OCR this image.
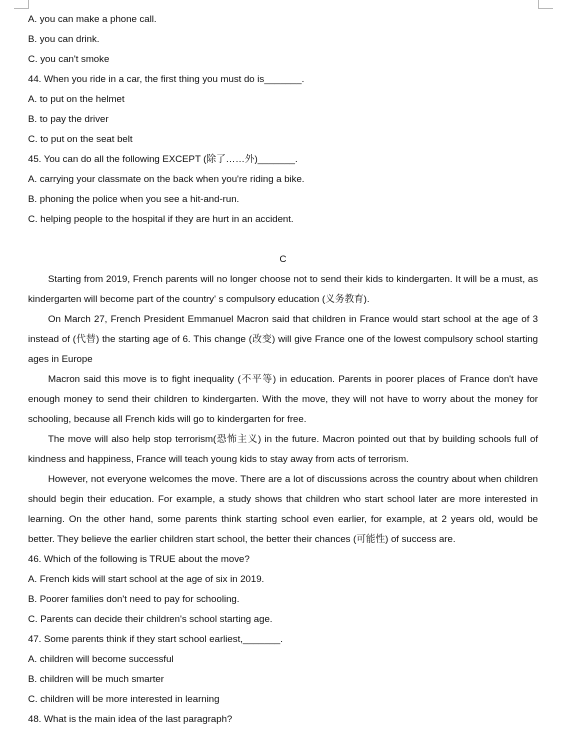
A. you can make a phone call.
B. you can drink.
C. you can't smoke
44. When you ride in a car, the first thing you must do is_______.
A. to put on the helmet
B. to pay the driver
C. to put on the seat belt
45. You can do all the following EXCEPT (除了……外)_______.
A. carrying your classmate on the back when you're riding a bike.
B. phoning the police when you see a hit-and-run.
C. helping people to the hospital if they are hurt in an accident.
C

Starting from 2019, French parents will no longer choose not to send their kids to kindergarten. It will be a must, as kindergarten will become part of the country' s compulsory education (义务教育).

On March 27, French President Emmanuel Macron said that children in France would start school at the age of 3 instead of (代替) the starting age of 6. This change (改变) will give France one of the lowest compulsory school starting ages in Europe

Macron said this move is to fight inequality (不平等) in education. Parents in poorer places of France don't have enough money to send their children to kindergarten. With the move, they will not have to worry about the money for schooling, because all French kids will go to kindergarten for free.

The move will also help stop terrorism(恐怖主义) in the future. Macron pointed out that by building schools full of kindness and happiness, France will teach young kids to stay away from acts of terrorism.

However, not everyone welcomes the move. There are a lot of discussions across the country about when children should begin their education. For example, a study shows that children who start school later are more interested in learning. On the other hand, some parents think starting school even earlier, for example, at 2 years old, would be better. They believe the earlier children start school, the better their chances (可能性) of success are.

46. Which of the following is TRUE about the move?
A. French kids will start school at the age of six in 2019.
B. Poorer families don't need to pay for schooling.
C. Parents can decide their children's school starting age.
47. Some parents think if they start school earliest,_______.
A. children will become successful
B. children will be much smarter
C. children will be more interested in learning
48. What is the main idea of the last paragraph?
